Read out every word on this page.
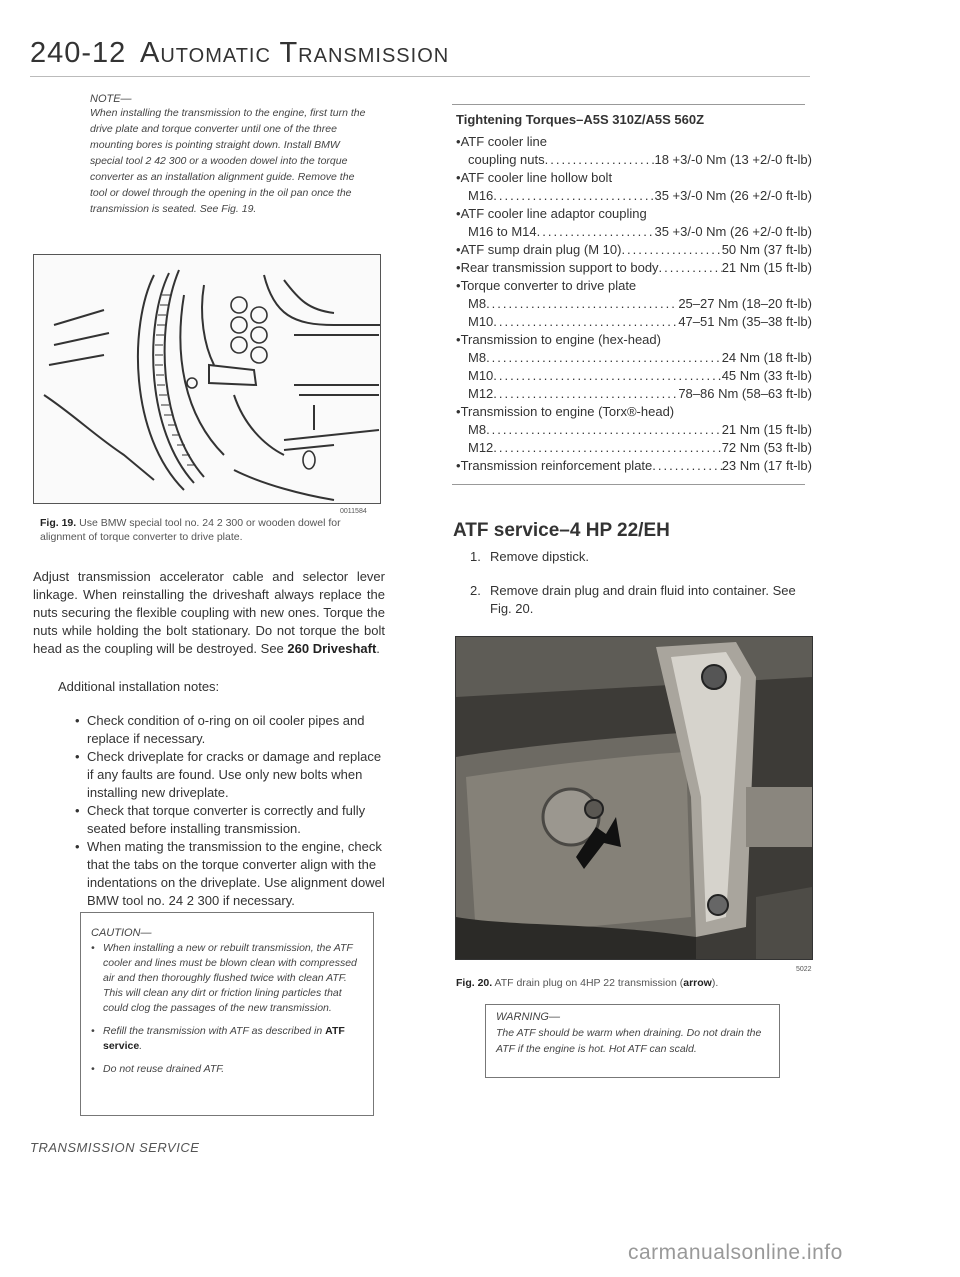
240-12 Automatic Transmission
NOTE—
When installing the transmission to the engine, first turn the drive plate and torque converter until one of the three mounting bores is pointing straight down. Install BMW special tool 2 42 300 or a wooden dowel into the torque converter as an installation alignment guide. Remove the tool or dowel through the opening in the oil pan once the transmission is seated. See Fig. 19.
0011584
Fig. 19. Use BMW special tool no. 24 2 300 or wooden dowel for alignment of torque converter to drive plate.
Adjust transmission accelerator cable and selector lever linkage. When reinstalling the driveshaft always replace the nuts securing the flexible coupling with new ones. Torque the nuts while holding the bolt stationary. Do not torque the bolt head as the coupling will be destroyed. See 260 Driveshaft.
Additional installation notes:
• Check condition of o-ring on oil cooler pipes and replace if necessary.
• Check driveplate for cracks or damage and replace if any faults are found. Use only new bolts when installing new driveplate.
• Check that torque converter is correctly and fully seated before installing transmission.
• When mating the transmission to the engine, check that the tabs on the torque converter align with the indentations on the driveplate. Use alignment dowel BMW tool no. 24 2 300 if necessary.
CAUTION—
• When installing a new or rebuilt transmission, the ATF cooler and lines must be blown clean with compressed air and then thoroughly flushed twice with clean ATF. This will clean any dirt or friction lining particles that could clog the passages of the new transmission.
• Refill the transmission with ATF as described in ATF service.
• Do not reuse drained ATF.
Tightening Torques–A5S 310Z/A5S 560Z
• ATF cooler line
coupling nuts .....	18 +3/-0 Nm (13 +2/-0 ft-lb)
• ATF cooler line hollow bolt
M16 .....	35 +3/-0 Nm (26 +2/-0 ft-lb)
• ATF cooler line adaptor coupling
M16 to M14 .....	35 +3/-0 Nm (26 +2/-0 ft-lb)
• ATF sump drain plug (M 10) .....	50 Nm (37 ft-lb)
• Rear transmission support to body .....	21 Nm (15 ft-lb)
• Torque converter to drive plate
M8 .....	25–27 Nm (18–20 ft-lb)
M10 .....	47–51 Nm (35–38 ft-lb)
• Transmission to engine (hex-head)
M8 .....	24 Nm (18 ft-lb)
M10 .....	45 Nm (33 ft-lb)
M12 .....	78–86 Nm (58–63 ft-lb)
• Transmission to engine (Torx®-head)
M8 .....	21 Nm (15 ft-lb)
M12 .....	72 Nm (53 ft-lb)
• Transmission reinforcement plate .....	23 Nm (17 ft-lb)
ATF service–4 HP 22/EH
1. Remove dipstick.
2. Remove drain plug and drain fluid into container. See Fig. 20.
5022
Fig. 20. ATF drain plug on 4HP 22 transmission (arrow).
WARNING—
The ATF should be warm when draining. Do not drain the ATF if the engine is hot. Hot ATF can scald.
TRANSMISSION SERVICE
carmanualsonline.info
